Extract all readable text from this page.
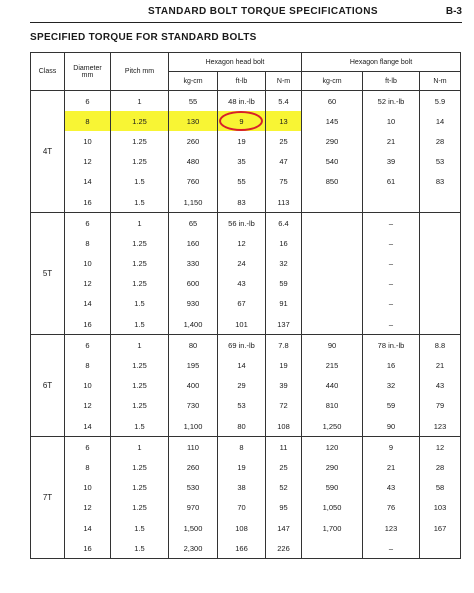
STANDARD BOLT TORQUE SPECIFICATIONS	B-3
SPECIFIED TORQUE FOR STANDARD BOLTS
Class	Diameter
mm	Pitch mm	Hexagon head bolt			Hexagon flange bolt		
			kg-cm	ft-lb	N-m	kg-cm	ft-lb	N-m
4T	6	1	55	48 in.-lb	5.4	60	52 in.-lb	5.9
	8	1.25	130	9	13	145	10	14
	10	1.25	260	19	25	290	21	28
	12	1.25	480	35	47	540	39	53
	14	1.5	760	55	75	850	61	83
	16	1.5	1,150	83	113			
5T	6	1	65	56 in.-lb	6.4		–	
	8	1.25	160	12	16		–	
	10	1.25	330	24	32		–	
	12	1.25	600	43	59		–	
	14	1.5	930	67	91		–	
	16	1.5	1,400	101	137		–	
6T	6	1	80	69 in.-lb	7.8	90	78 in.-lb	8.8
	8	1.25	195	14	19	215	16	21
	10	1.25	400	29	39	440	32	43
	12	1.25	730	53	72	810	59	79
	14	1.5	1,100	80	108	1,250	90	123
7T	6	1	110	8	11	120	9	12
	8	1.25	260	19	25	290	21	28
	10	1.25	530	38	52	590	43	58
	12	1.25	970	70	95	1,050	76	103
	14	1.5	1,500	108	147	1,700	123	167
	16	1.5	2,300	166	226		–	
